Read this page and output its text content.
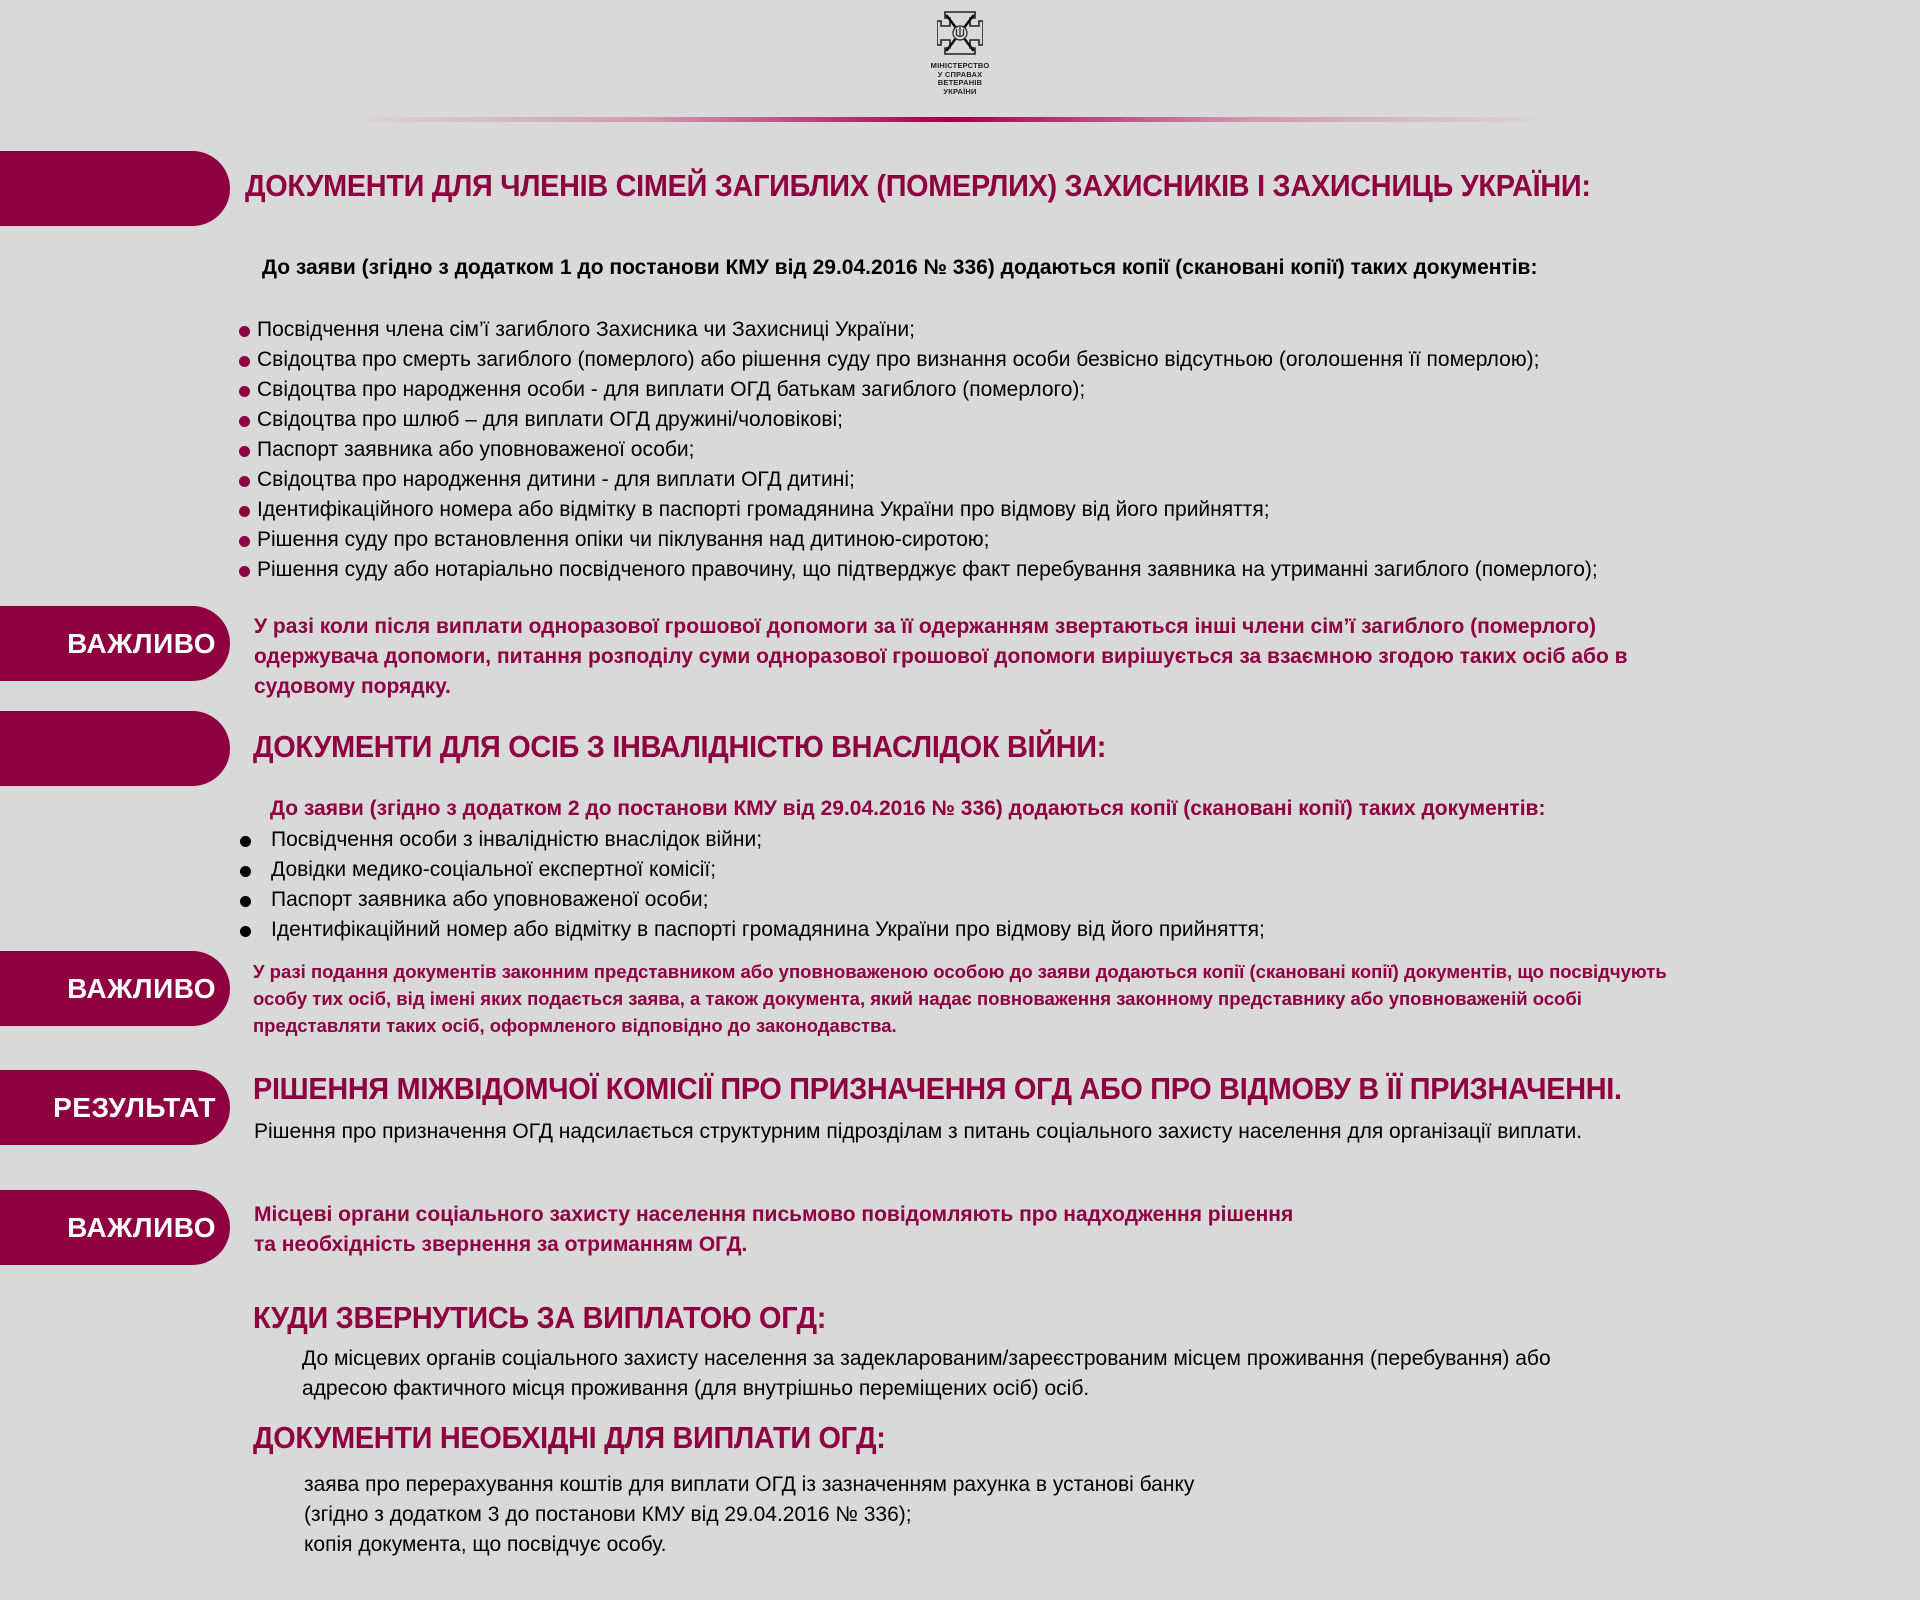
МІНІСТЕРСТВО
У СПРАВАХ
ВЕТЕРАНІВ
УКРАЇНИ
ДОКУМЕНТИ ДЛЯ ЧЛЕНІВ СІМЕЙ ЗАГИБЛИХ (ПОМЕРЛИХ) ЗАХИСНИКІВ І ЗАХИСНИЦЬ УКРАЇНИ:
До заяви (згідно з додатком 1 до постанови КМУ від 29.04.2016 № 336) додаються копії (скановані копії) таких документів:
Посвідчення члена сім’ї загиблого Захисника чи Захисниці України;
Свідоцтва про смерть загиблого (померлого) або рішення суду про визнання особи безвісно відсутньою (оголошення її померлою);
Свідоцтва про народження особи - для виплати ОГД батькам загиблого (померлого);
Свідоцтва про шлюб – для виплати ОГД дружині/чоловікові;
Паспорт заявника або уповноваженої особи;
Свідоцтва про народження дитини - для виплати ОГД дитині;
Ідентифікаційного номера або відмітку в паспорті громадянина України про відмову від його прийняття;
Рішення суду про встановлення опіки чи піклування над дитиною-сиротою;
Рішення суду або нотаріально посвідченого правочину, що підтверджує факт перебування заявника на утриманні загиблого (померлого);
ВАЖЛИВО
У разі коли після виплати одноразової грошової допомоги за її одержанням звертаються інші члени сім’ї загиблого (померлого)
одержувача допомоги, питання розподілу суми одноразової грошової допомоги вирішується за взаємною згодою таких осіб або в
судовому порядку.
ДОКУМЕНТИ ДЛЯ ОСІБ З ІНВАЛІДНІСТЮ ВНАСЛІДОК ВІЙНИ:
До заяви (згідно з додатком 2 до постанови КМУ від 29.04.2016 № 336) додаються копії (скановані копії) таких документів:
Посвідчення особи з інвалідністю внаслідок війни;
Довідки медико-соціальної експертної комісії;
Паспорт заявника або уповноваженої особи;
Ідентифікаційний номер або відмітку в паспорті громадянина України про відмову від його прийняття;
ВАЖЛИВО
У разі подання документів законним представником або уповноваженою особою до заяви додаються копії (скановані копії) документів, що посвідчують
особу тих осіб, від імені яких подається заява, а також документа, який надає повноваження законному представнику або уповноваженій особі
представляти таких осіб, оформленого відповідно до законодавства.
РЕЗУЛЬТАТ
РІШЕННЯ МІЖВІДОМЧОЇ КОМІСІЇ ПРО ПРИЗНАЧЕННЯ ОГД АБО ПРО ВІДМОВУ В ЇЇ ПРИЗНАЧЕННІ.
Рішення про призначення ОГД надсилається структурним підрозділам з питань соціального захисту населення для організації виплати.
ВАЖЛИВО	Місцеві органи соціального захисту населення письмово повідомляють про надходження рішення
та необхідність звернення за отриманням ОГД.
КУДИ ЗВЕРНУТИСЬ ЗА ВИПЛАТОЮ ОГД:
До місцевих органів соціального захисту населення за задекларованим/зареєстрованим місцем проживання (перебування) або
адресою фактичного місця проживання (для внутрішньо переміщених осіб) осіб.
ДОКУМЕНТИ НЕОБХІДНІ ДЛЯ ВИПЛАТИ ОГД:
заява про перерахування коштів для виплати ОГД із зазначенням рахунка в установі банку
(згідно з додатком 3 до постанови КМУ від 29.04.2016 № 336);
копія документа, що посвідчує особу.
